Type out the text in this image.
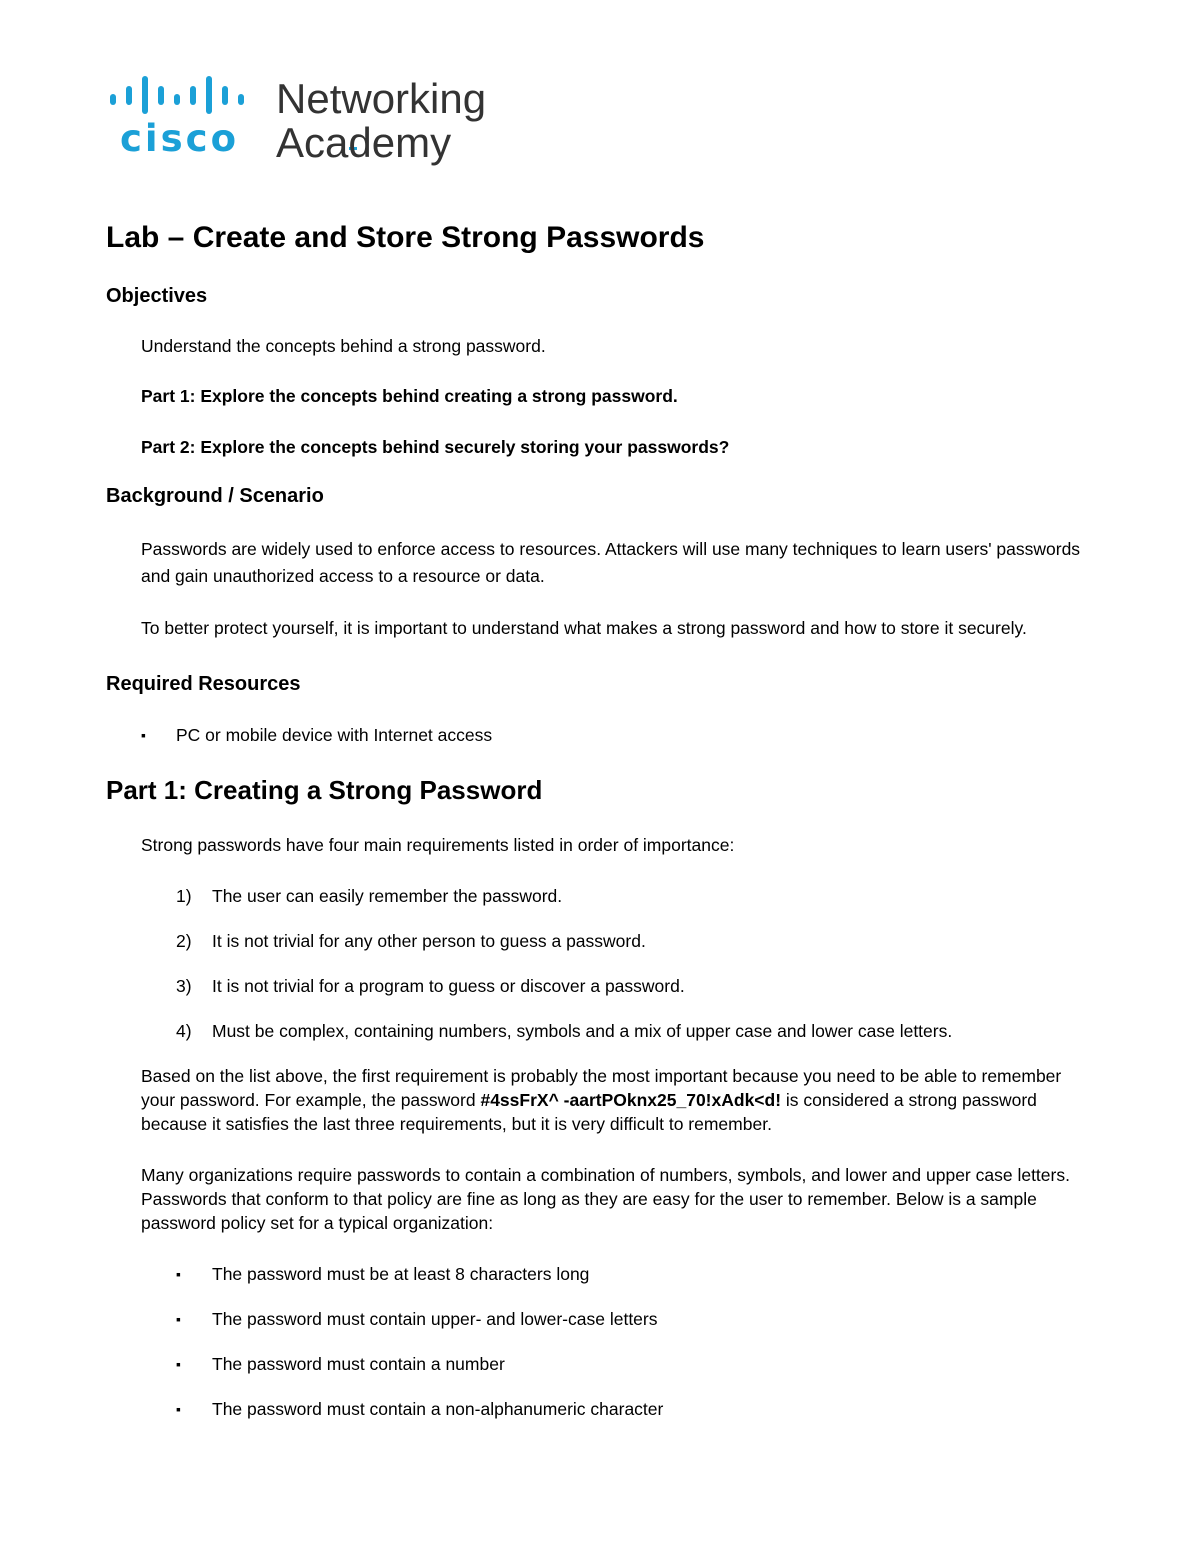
cisco
Networking
Academy
Lab – Create and Store Strong Passwords
Objectives

Understand the concepts behind a strong password.

Part 1: Explore the concepts behind creating a strong password.

Part 2: Explore the concepts behind securely storing your passwords?

Background / Scenario

Passwords are widely used to enforce access to resources. Attackers will use many techniques to learn users' passwords and gain unauthorized access to a resource or data.

To better protect yourself, it is important to understand what makes a strong password and how to store it securely.

Required Resources
▪ PC or mobile device with Internet access
Part 1: Creating a Strong Password

Strong passwords have four main requirements listed in order of importance:

1) The user can easily remember the password.
2) It is not trivial for any other person to guess a password.
3) It is not trivial for a program to guess or discover a password.
4) Must be complex, containing numbers, symbols and a mix of upper case and lower case letters.

Based on the list above, the first requirement is probably the most important because you need to be able to remember your password. For example, the password #4ssFrX^ -aartPOknx25_70!xAdk<d! is considered a strong password because it satisfies the last three requirements, but it is very difficult to remember.

Many organizations require passwords to contain a combination of numbers, symbols, and lower and upper case letters. Passwords that conform to that policy are fine as long as they are easy for the user to remember. Below is a sample password policy set for a typical organization:

▪ The password must be at least 8 characters long
▪ The password must contain upper- and lower-case letters
▪ The password must contain a number
▪ The password must contain a non-alphanumeric character
